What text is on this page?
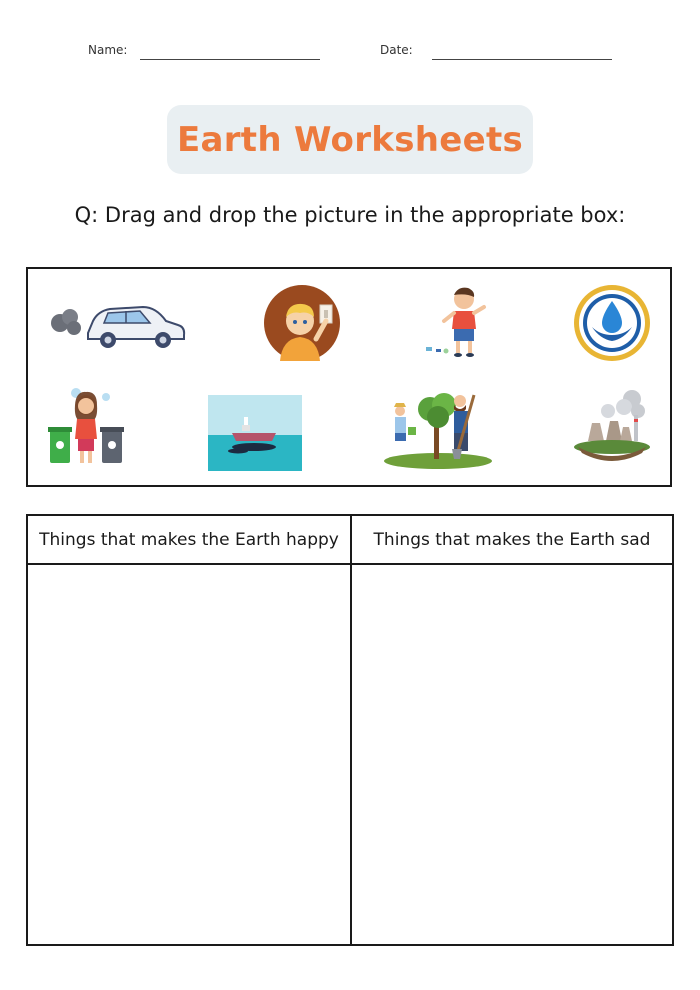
Name:	Date:
Earth Worksheets
Q: Drag and drop the picture in the appropriate box:
Things that makes the Earth happy	Things that makes the Earth sad
